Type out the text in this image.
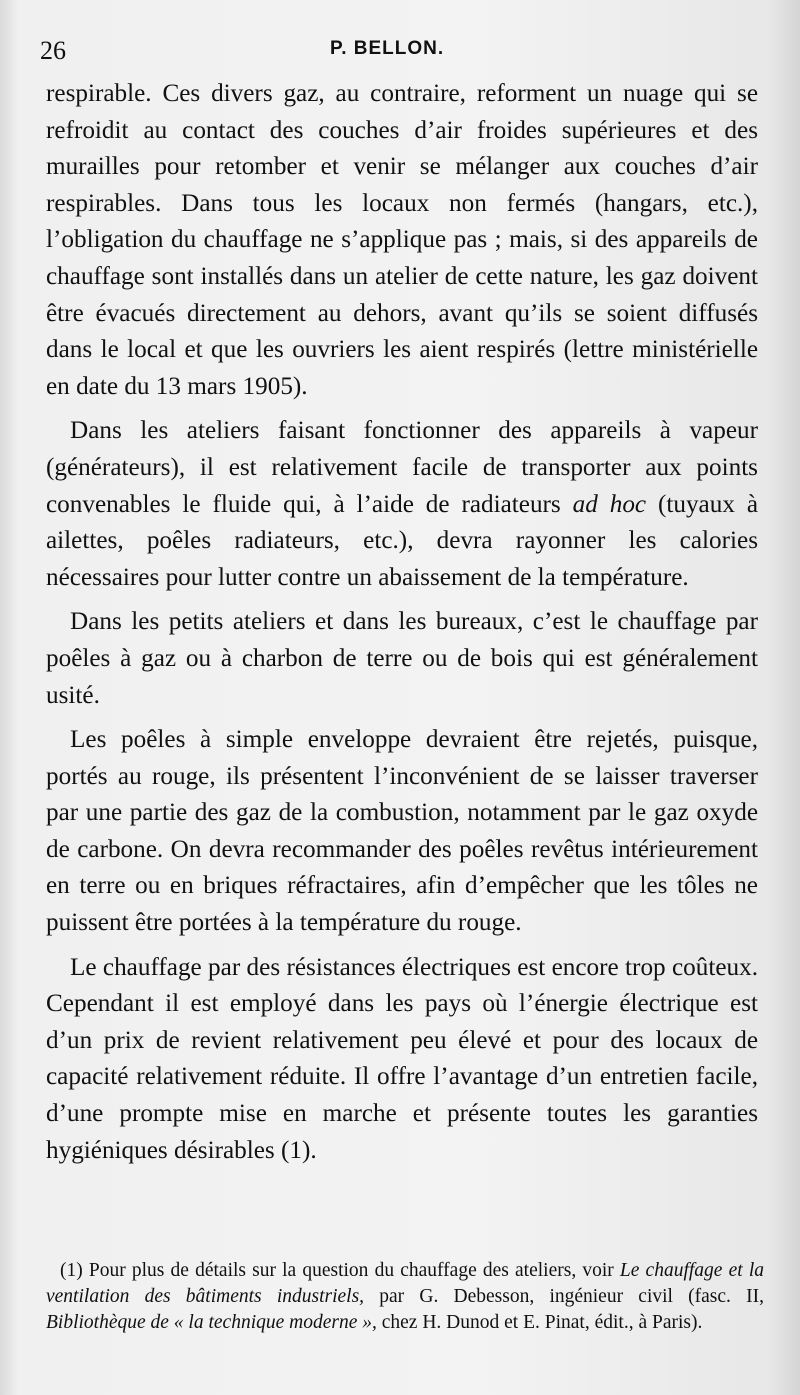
26	P. BELLON.

respirable. Ces divers gaz, au contraire, reforment un nuage qui se refroidit au contact des couches d’air froides supérieures et des murailles pour retomber et venir se mélanger aux couches d’air respirables. Dans tous les locaux non fermés (hangars, etc.), l’obligation du chauffage ne s’applique pas ; mais, si des appareils de chauffage sont installés dans un atelier de cette nature, les gaz doivent être évacués directement au dehors, avant qu’ils se soient diffusés dans le local et que les ouvriers les aient respirés (lettre ministérielle en date du 13 mars 1905).

Dans les ateliers faisant fonctionner des appareils à vapeur (générateurs), il est relativement facile de transporter aux points convenables le fluide qui, à l’aide de radiateurs ad hoc (tuyaux à ailettes, poêles radiateurs, etc.), devra rayonner les calories nécessaires pour lutter contre un abaissement de la température.

Dans les petits ateliers et dans les bureaux, c’est le chauffage par poêles à gaz ou à charbon de terre ou de bois qui est généralement usité.

Les poêles à simple enveloppe devraient être rejetés, puisque, portés au rouge, ils présentent l’inconvénient de se laisser traverser par une partie des gaz de la combustion, notamment par le gaz oxyde de carbone. On devra recommander des poêles revêtus intérieurement en terre ou en briques réfractaires, afin d’empêcher que les tôles ne puissent être portées à la température du rouge.

Le chauffage par des résistances électriques est encore trop coûteux. Cependant il est employé dans les pays où l’énergie électrique est d’un prix de revient relativement peu élevé et pour des locaux de capacité relativement réduite. Il offre l’avantage d’un entretien facile, d’une prompte mise en marche et présente toutes les garanties hygiéniques désirables (1).

(1) Pour plus de détails sur la question du chauffage des ateliers, voir Le chauffage et la ventilation des bâtiments industriels, par G. Debesson, ingénieur civil (fasc. II, Bibliothèque de « la technique moderne », chez H. Dunod et E. Pinat, édit., à Paris).
